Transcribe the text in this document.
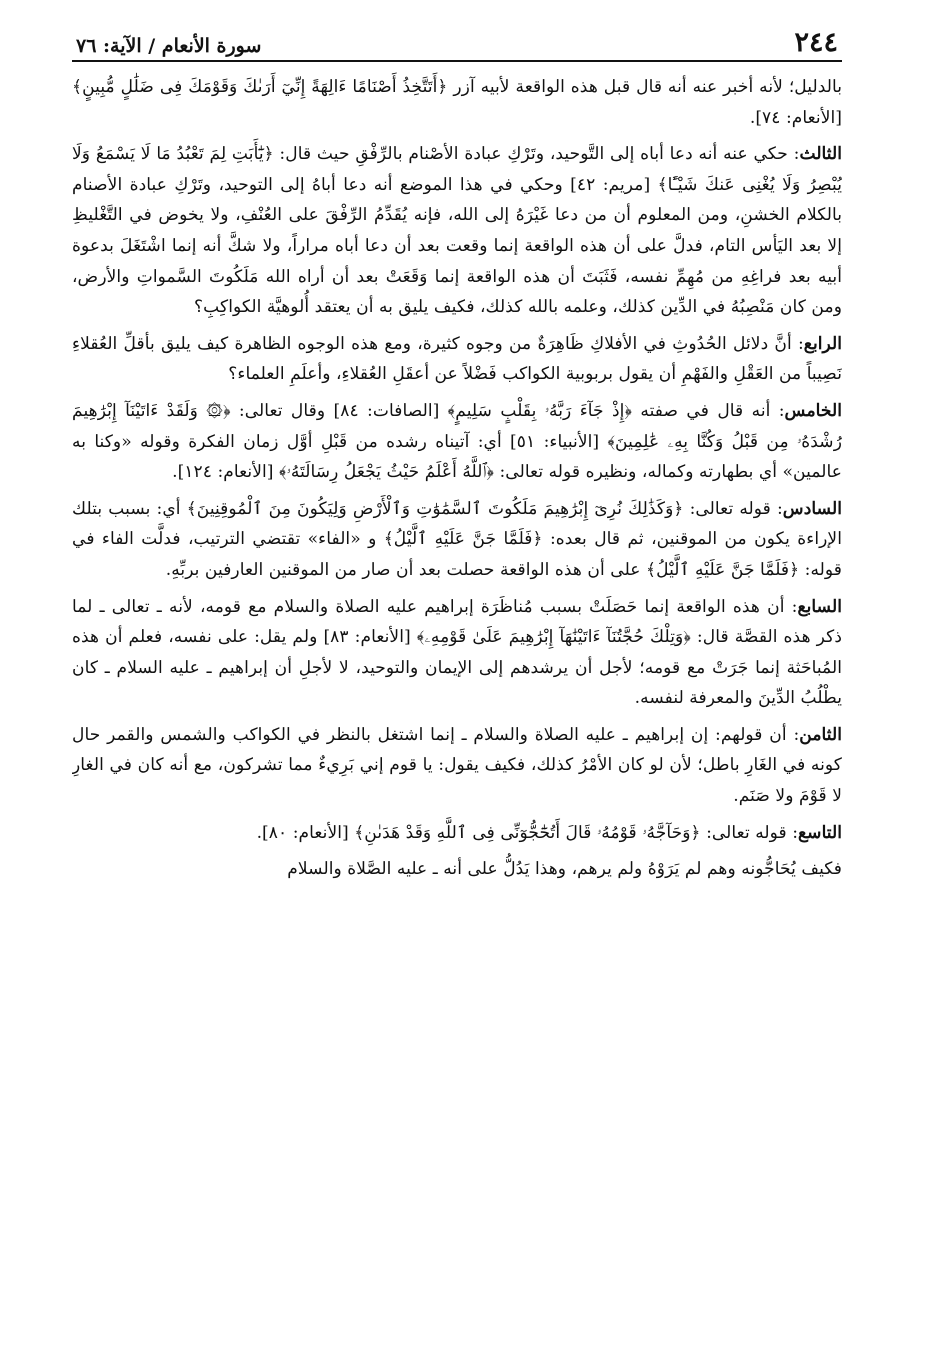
٢٤٤
سورة الأنعام / الآية: ٧٦

بالدليل؛ لأنه أخبر عنه أنه قال قبل هذه الواقعة لأبيه آزر ﴿أَتَتَّخِذُ أَصْنَامًا ءَالِهَةً إِنِّيٓ أَرَىٰكَ وَقَوْمَكَ فِى ضَلَٰلٍ مُّبِينٍ﴾ [الأنعام: ٧٤].

الثالث: حكي عنه أنه دعا أباه إلى التَّوحيد، وتَرْكِ عبادة الأصْنام بالرِّفْقِ حيث قال: ﴿يَٰٓأَبَتِ لِمَ تَعْبُدُ مَا لَا يَسْمَعُ وَلَا يُبْصِرُ وَلَا يُغْنِى عَنكَ شَيْـًٔا﴾ [مريم: ٤٢] وحكي في هذا الموضع أنه دعا أباهُ إلى التوحيد، وتَرْكِ عبادة الأصنام بالكلام الخشنِ، ومن المعلوم أن من دعا غَيْرَهُ إلى الله، فإنه يُقَدِّمُ الرِّفْقَ على العُنْفِ، ولا يخوض في التَّغْليظِ إلا بعد اليَأس التام، فدلَّ على أن هذه الواقعة إنما وقعت بعد أن دعا أباه مراراً، ولا شكَّ أنه إنما اشْتَغَلَ بدعوة أبيه بعد فراغِهِ من مُهِمِّ نفسه، فَثَبَتَ أن هذه الواقعة إنما وَقَعَتْ بعد أن أراه الله مَلَكُوتَ السَّمواتِ والأرض، ومن كان مَنْصِبُهُ في الدِّين كذلك، وعلمه بالله كذلك، فكيف يليق به أن يعتقد أُلوهيَّة الكواكِبِ؟

الرابع: أنَّ دلائل الحُدُوثِ في الأفلاكِ ظَاهِرَةٌ من وجوه كثيرة، ومع هذه الوجوه الظاهرة كيف يليق بأقلِّ العُقلاءِ نَصِيباً من العَقْلِ والفَهْمِ أن يقول بربوبية الكواكب فَضْلاً عن أعقَلِ العُقلاءِ، وأعلَمِ العلماء؟

الخامس: أنه قال في صفته ﴿إِذْ جَآءَ رَبَّهُۥ بِقَلْبٍ سَلِيمٍ﴾ [الصافات: ٨٤] وقال تعالى: ﴿۞ وَلَقَدْ ءَاتَيْنَآ إِبْرَٰهِيمَ رُشْدَهُۥ مِن قَبْلُ وَكُنَّا بِهِۦ عَٰلِمِينَ﴾ [الأنبياء: ٥١] أي: آتيناه رشده من قَبْلِ أوَّل زمان الفكرة وقوله «وكنا به عالمين» أي بطهارته وكماله، ونظيره قوله تعالى: ﴿ٱللَّهُ أَعْلَمُ حَيْثُ يَجْعَلُ رِسَالَتَهُۥ﴾ [الأنعام: ١٢٤].

السادس: قوله تعالى: ﴿وَكَذَٰلِكَ نُرِىٓ إِبْرَٰهِيمَ مَلَكُوتَ ٱلسَّمَٰوَٰتِ وَٱلْأَرْضِ وَلِيَكُونَ مِنَ ٱلْمُوقِنِينَ﴾ أي: بسبب بتلك الإراءة يكون من الموقنين، ثم قال بعده: ﴿فَلَمَّا جَنَّ عَلَيْهِ ٱلَّيْلُ﴾ و «الفاء» تقتضي الترتيب، فدلَّت الفاء في قوله: ﴿فَلَمَّا جَنَّ عَلَيْهِ ٱلَّيْلُ﴾ على أن هذه الواقعة حصلت بعد أن صار من الموقنين العارفين بربِّهِ.

السابع: أن هذه الواقعة إنما حَصَلَتْ بسبب مُناظَرَة إبراهيم عليه الصلاة والسلام مع قومه، لأنه ـ تعالى ـ لما ذكر هذه القصَّة قال: ﴿وَتِلْكَ حُجَّتُنَآ ءَاتَيْنَٰهَآ إِبْرَٰهِيمَ عَلَىٰ قَوْمِهِۦ﴾ [الأنعام: ٨٣] ولم يقل: على نفسه، فعلم أن هذه المُباحَثة إنما جَرَتْ مع قومه؛ لأجل أن يرشدهم إلى الإيمان والتوحيد، لا لأجلِ أن إبراهيم ـ عليه السلام ـ كان يطْلُبُ الدِّينَ والمعرفة لنفسه.

الثامن: أن قولهم: إن إبراهيم ـ عليه الصلاة والسلام ـ إنما اشتغل بالنظر في الكواكب والشمس والقمر حال كونه في الغَارِ باطل؛ لأن لو كان الأمْرُ كذلك، فكيف يقول: يا قوم إني بَرِيءٌ مما تشركون، مع أنه كان في الغارِ لا قَوْمَ ولا صَنَم.

التاسع: قوله تعالى: ﴿وَحَآجَّهُۥ قَوْمُهُۥ قَالَ أَتُحَٰٓجُّوٓنِّى فِى ٱللَّهِ وَقَدْ هَدَىٰنِ﴾ [الأنعام: ٨٠].

فكيف يُحَاجُّونه وهم لم يَرَوْهُ ولم يرهم، وهذا يَدُلُّ على أنه ـ عليه الصَّلاة والسلام
